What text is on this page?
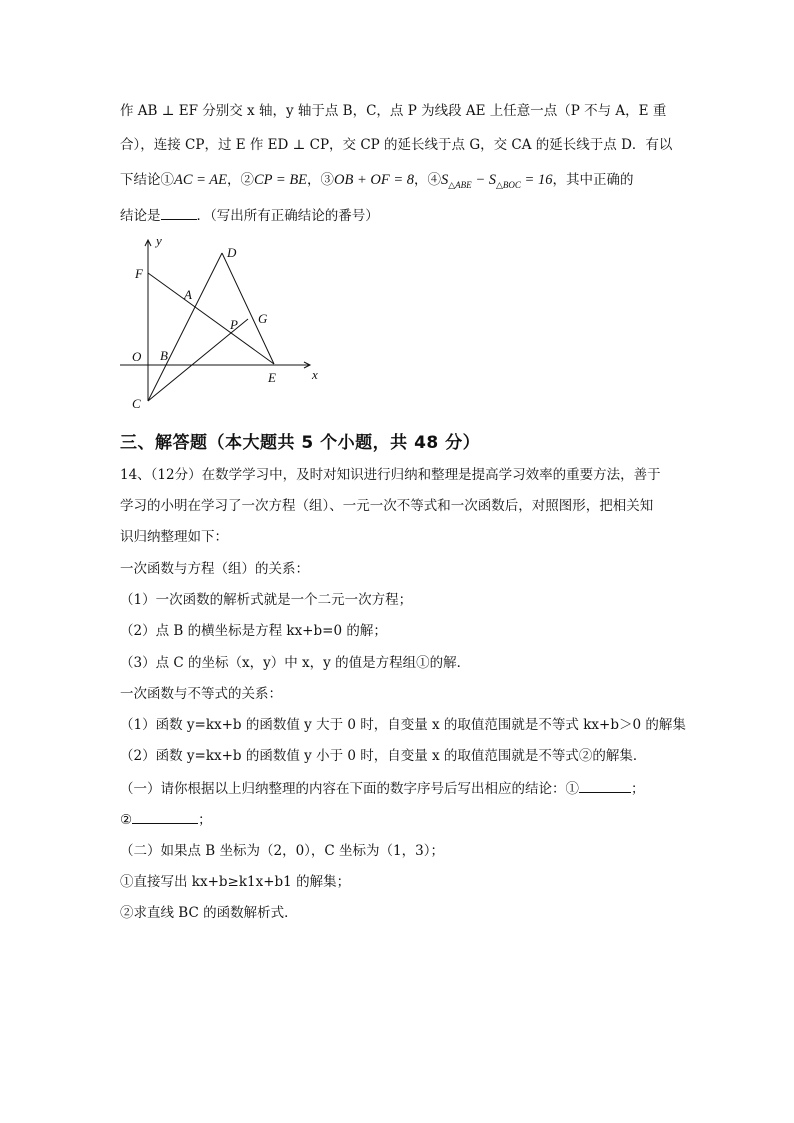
作 AB ⊥ EF 分别交 x 轴，y 轴于点 B，C，点 P 为线段 AE 上任意一点（P 不与 A，E 重
合），连接 CP，过 E 作 ED ⊥ CP，交 CP 的延长线于点 G，交 CA 的延长线于点 D．有以
下结论①AC = AE，②CP = BE，③OB + OF = 8，$④S_{\triangle ABE} - S_{\triangle BOC} = 16$，其中正确的
结论是	．（写出所有正确结论的番号）
y
x
F
D
A
P G
O B
E
C
三、解答题（本大题共 5 个小题，共 48 分）
14、（12分）在数学学习中，及时对知识进行归纳和整理是提高学习效率的重要方法，善于
学习的小明在学习了一次方程（组）、一元一次不等式和一次函数后，对照图形，把相关知
识归纳整理如下：
一次函数与方程（组）的关系：
（1）一次函数的解析式就是一个二元一次方程；
（2）点 B 的横坐标是方程 kx+b=0 的解；
（3）点 C 的坐标（x，y）中 x，y 的值是方程组①的解．
一次函数与不等式的关系：
（1）函数 y=kx+b 的函数值 y 大于 0 时，自变量 x 的取值范围就是不等式 kx+b＞0 的解集
（2）函数 y=kx+b 的函数值 y 小于 0 时，自变量 x 的取值范围就是不等式②的解集．
（一）请你根据以上归纳整理的内容在下面的数字序号后写出相应的结论：①	；
②	；
（二）如果点 B 坐标为（2，0），C 坐标为（1，3）；
①直接写出 kx+b≥k1x+b1 的解集；
②求直线 BC 的函数解析式．
